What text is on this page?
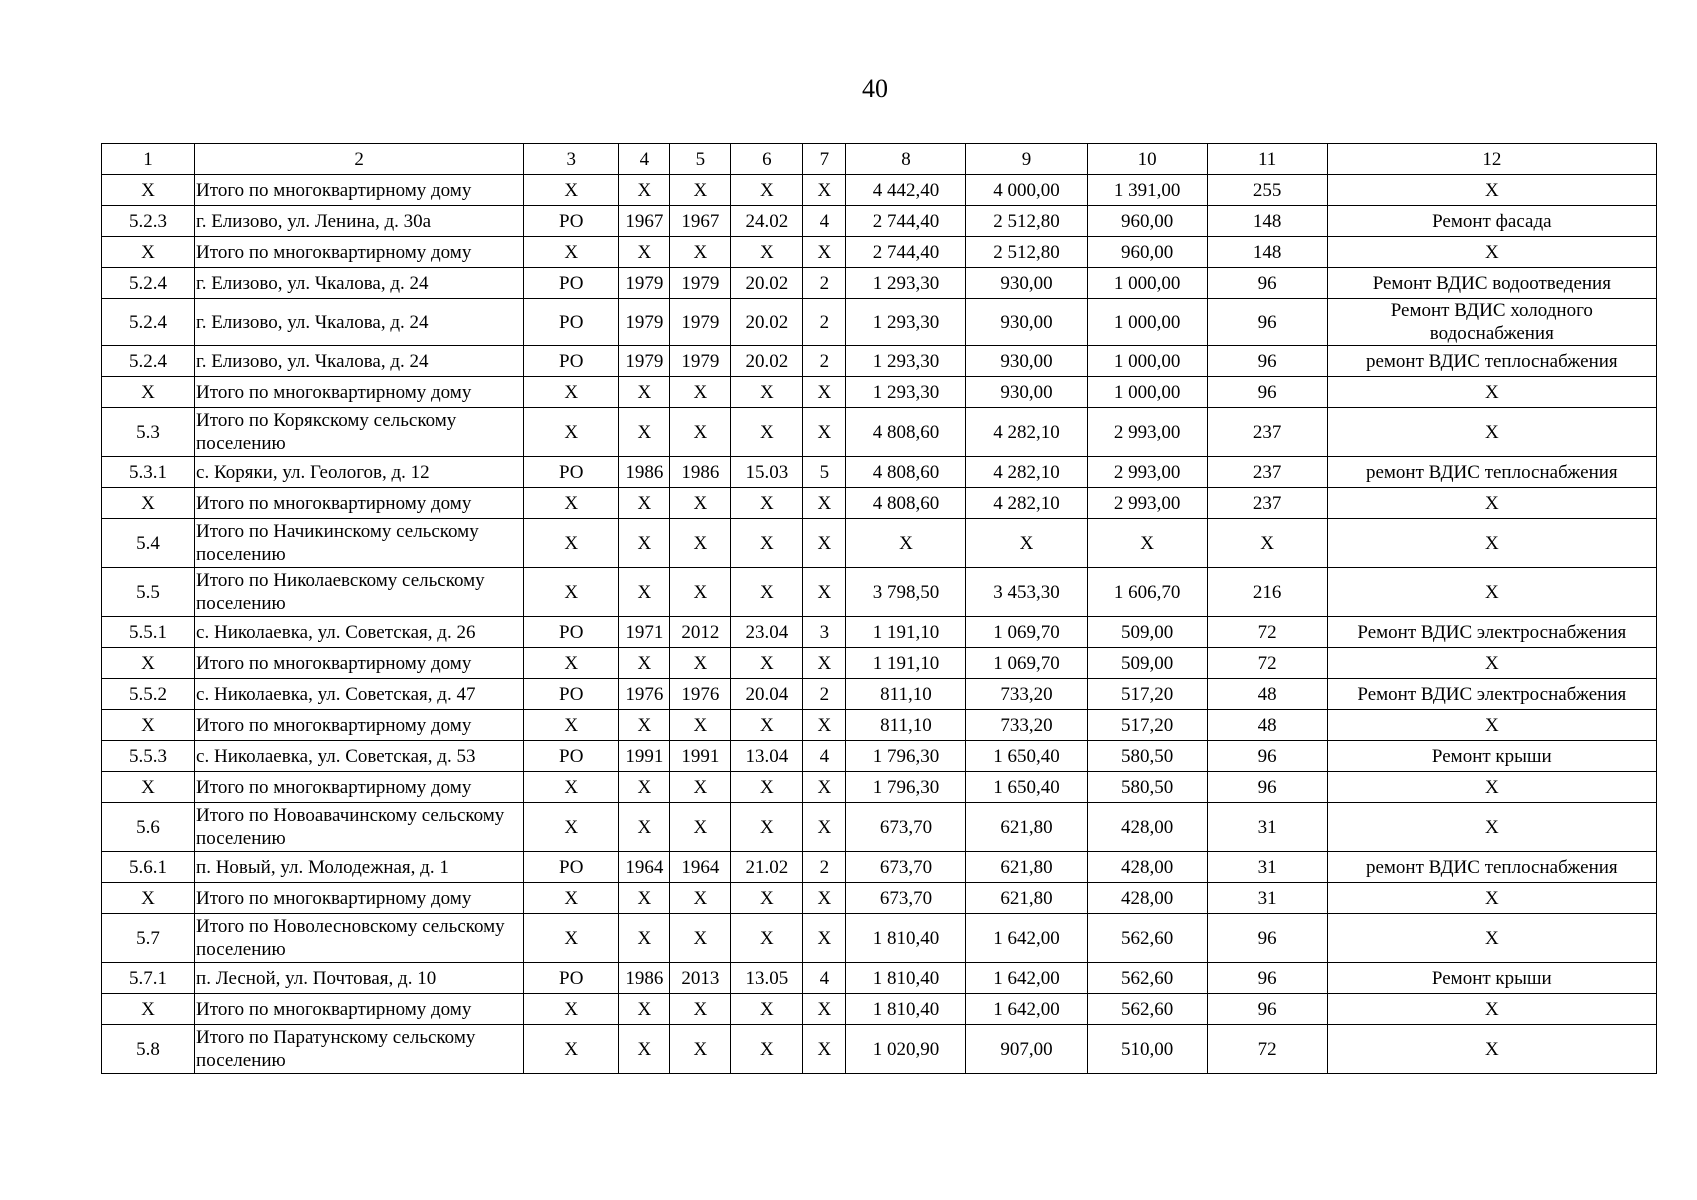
40
1	2	3	4	5	6	7	8	9	10	11	12
Х	Итого по многоквартирному дому	Х	Х	Х	Х	Х	4 442,40	4 000,00	1 391,00	255	Х
5.2.3	г. Елизово, ул. Ленина, д. 30а	РО	1967	1967	24.02	4	2 744,40	2 512,80	960,00	148	Ремонт фасада
Х	Итого по многоквартирному дому	Х	Х	Х	Х	Х	2 744,40	2 512,80	960,00	148	Х
5.2.4	г. Елизово, ул. Чкалова, д. 24	РО	1979	1979	20.02	2	1 293,30	930,00	1 000,00	96	Ремонт ВДИС водоотведения
5.2.4	г. Елизово, ул. Чкалова, д. 24	РО	1979	1979	20.02	2	1 293,30	930,00	1 000,00	96	Ремонт ВДИС холодного водоснабжения
5.2.4	г. Елизово, ул. Чкалова, д. 24	РО	1979	1979	20.02	2	1 293,30	930,00	1 000,00	96	ремонт ВДИС теплоснабжения
Х	Итого по многоквартирному дому	Х	Х	Х	Х	Х	1 293,30	930,00	1 000,00	96	Х
5.3	Итого по Корякскому сельскому поселению	Х	Х	Х	Х	Х	4 808,60	4 282,10	2 993,00	237	Х
5.3.1	с. Коряки, ул. Геологов, д. 12	РО	1986	1986	15.03	5	4 808,60	4 282,10	2 993,00	237	ремонт ВДИС теплоснабжения
Х	Итого по многоквартирному дому	Х	Х	Х	Х	Х	4 808,60	4 282,10	2 993,00	237	Х
5.4	Итого по Начикинскому сельскому поселению	Х	Х	Х	Х	Х	Х	Х	Х	Х	Х
5.5	Итого по Николаевскому сельскому поселению	Х	Х	Х	Х	Х	3 798,50	3 453,30	1 606,70	216	Х
5.5.1	с. Николаевка, ул. Советская, д. 26	РО	1971	2012	23.04	3	1 191,10	1 069,70	509,00	72	Ремонт ВДИС электроснабжения
Х	Итого по многоквартирному дому	Х	Х	Х	Х	Х	1 191,10	1 069,70	509,00	72	Х
5.5.2	с. Николаевка, ул. Советская, д. 47	РО	1976	1976	20.04	2	811,10	733,20	517,20	48	Ремонт ВДИС электроснабжения
Х	Итого по многоквартирному дому	Х	Х	Х	Х	Х	811,10	733,20	517,20	48	Х
5.5.3	с. Николаевка, ул. Советская, д. 53	РО	1991	1991	13.04	4	1 796,30	1 650,40	580,50	96	Ремонт крыши
Х	Итого по многоквартирному дому	Х	Х	Х	Х	Х	1 796,30	1 650,40	580,50	96	Х
5.6	Итого по Новоавачинскому сельскому поселению	Х	Х	Х	Х	Х	673,70	621,80	428,00	31	Х
5.6.1	п. Новый, ул. Молодежная, д. 1	РО	1964	1964	21.02	2	673,70	621,80	428,00	31	ремонт ВДИС теплоснабжения
Х	Итого по многоквартирному дому	Х	Х	Х	Х	Х	673,70	621,80	428,00	31	Х
5.7	Итого по Новолесновскому сельскому поселению	Х	Х	Х	Х	Х	1 810,40	1 642,00	562,60	96	Х
5.7.1	п. Лесной, ул. Почтовая, д. 10	РО	1986	2013	13.05	4	1 810,40	1 642,00	562,60	96	Ремонт крыши
Х	Итого по многоквартирному дому	Х	Х	Х	Х	Х	1 810,40	1 642,00	562,60	96	Х
5.8	Итого по Паратунскому сельскому поселению	Х	Х	Х	Х	Х	1 020,90	907,00	510,00	72	Х
